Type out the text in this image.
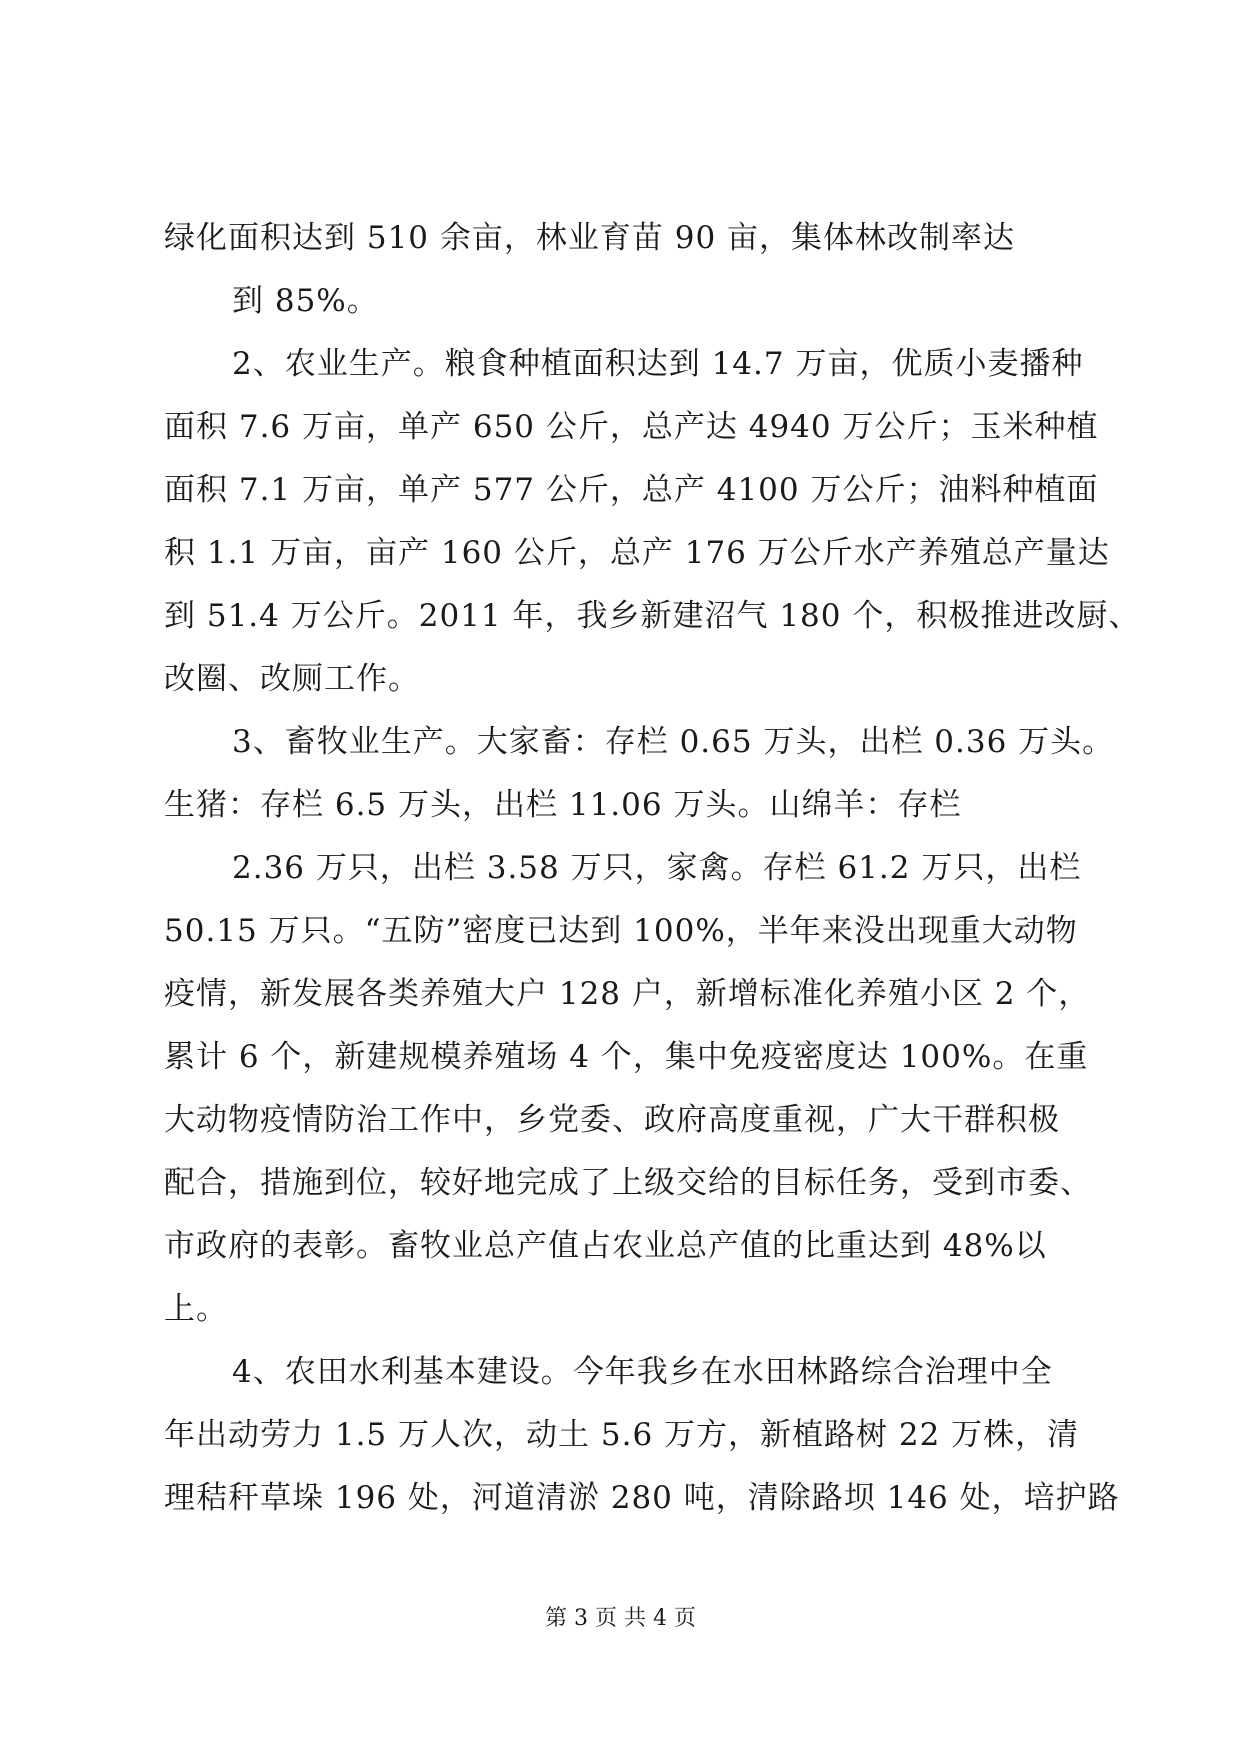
绿化面积达到 510 余亩，林业育苗 90 亩，集体林改制率达
到 85%。
2、农业生产。粮食种植面积达到 14.7 万亩，优质小麦播种
面积 7.6 万亩，单产 650 公斤，总产达 4940 万公斤；玉米种植
面积 7.1 万亩，单产 577 公斤，总产 4100 万公斤；油料种植面
积 1.1 万亩，亩产 160 公斤，总产 176 万公斤水产养殖总产量达
到 51.4 万公斤。2011 年，我乡新建沼气 180 个，积极推进改厨、
改圈、改厕工作。
3、畜牧业生产。大家畜：存栏 0.65 万头，出栏 0.36 万头。
生猪：存栏 6.5 万头，出栏 11.06 万头。山绵羊：存栏
2.36 万只，出栏 3.58 万只，家禽。存栏 61.2 万只，出栏
50.15 万只。“五防”密度已达到 100%，半年来没出现重大动物
疫情，新发展各类养殖大户 128 户，新增标准化养殖小区 2 个，
累计 6 个，新建规模养殖场 4 个，集中免疫密度达 100%。在重
大动物疫情防治工作中，乡党委、政府高度重视，广大干群积极
配合，措施到位，较好地完成了上级交给的目标任务，受到市委、
市政府的表彰。畜牧业总产值占农业总产值的比重达到 48%以
上。
4、农田水利基本建设。今年我乡在水田林路综合治理中全
年出动劳力 1.5 万人次，动土 5.6 万方，新植路树 22 万株，清
理秸秆草垛 196 处，河道清淤 280 吨，清除路坝 146 处，培护路
第 3 页 共 4 页
